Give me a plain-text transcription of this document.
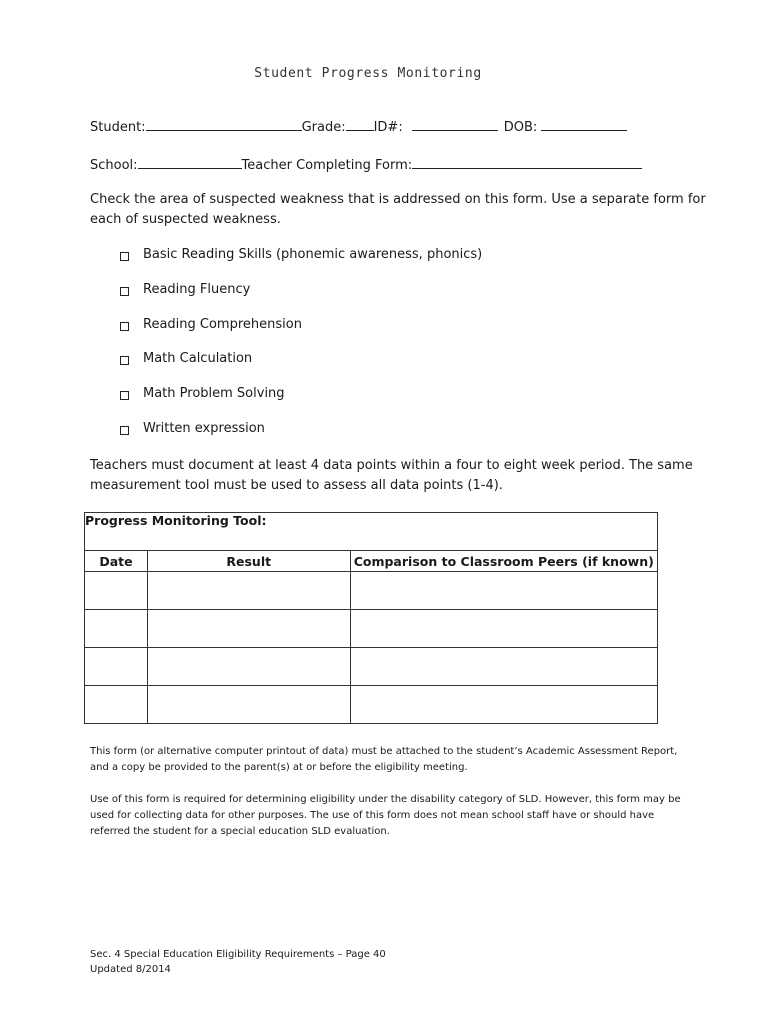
Student Progress Monitoring
Student:	Grade: ID#:	DOB:
School:	Teacher Completing Form:
Check the area of suspected weakness that is addressed on this form. Use a separate form for each of suspected weakness.
Basic Reading Skills (phonemic awareness, phonics)
Reading Fluency
Reading Comprehension
Math Calculation
Math Problem Solving
Written expression
Teachers must document at least 4 data points within a four to eight week period. The same measurement tool must be used to assess all data points (1-4).
Progress Monitoring Tool:		
Date	Result	Comparison to Classroom Peers (if known)

This form (or alternative computer printout of data) must be attached to the student’s Academic Assessment Report, and a copy be provided to the parent(s) at or before the eligibility meeting.
Use of this form is required for determining eligibility under the disability category of SLD. However, this form may be used for collecting data for other purposes. The use of this form does not mean school staff have or should have referred the student for a special education SLD evaluation.
Sec. 4 Special Education Eligibility Requirements – Page 40
Updated 8/2014
